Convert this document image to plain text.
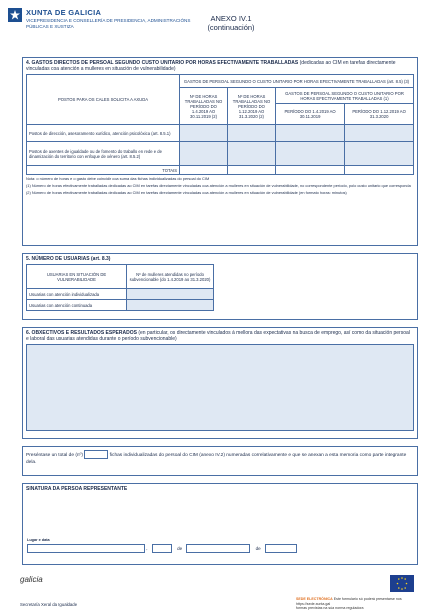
XUNTA DE GALICIA
VICEPRESIDENCIA E CONSELLERÍA DE PRESIDENCIA, ADMINISTRACIÓNS PÚBLICAS E XUSTIZA
ANEXO IV.1
(continuación)
4. GASTOS DIRECTOS DE PERSOAL SEGUNDO CUSTO UNITARIO POR HORAS EFECTIVAMENTE TRABALLADAS (dedicadas ao CIM en tarefas directamente vinculadas coa atención a mulleres en situación de vulnerabilidade)
POSTOS PARA OS CALES SOLICITA A AXUDA	GASTOS DE PERSOAL SEGUNDO O CUSTO UNITARIO POR HORAS EFECTIVAMENTE TRABALLADAS (art. 8.5) (3)			
	Nº DE HORAS TRABALLADAS NO PERÍODO DO 1.4.2019 AO 30.11.2019 (2)	Nº DE HORAS TRABALLADAS NO PERÍODO DO 1.12.2019 AO 31.3.2020 (2)	GASTOS DE PERSOAL SEGUNDO O CUSTO UNITARIO POR HORAS EFECTIVAMENTE TRABALLADAS (1)	
			PERÍODO DO 1.4.2019 AO 30.11.2019	PERÍODO DO 1.12.2019 AO 31.3.2020
Postos de dirección, asesoramento xurídico, atención psicolóxica (art. 8.5.1)				
Postos de axentes de igualdade ou de fomento do traballo en rede e de dinamización do territorio con enfoque de xénero (art. 8.5.2)				
TOTAIS				
Nota: o número de horas e o gasto debe coincidir coa suma das fichas individualizadas do persoal do CIM
(1) Número de horas efectivamente traballadas dedicadas ao CIM en tarefas directamente vinculadas coa atención a mulleres en situación de vulnerabilidade, no correspondente período, polo custo unitario que corresponda
(2) Número de horas efectivamente traballadas dedicadas ao CIM en tarefas directamente vinculadas coa atención a mulleres en situación de vulnerabilidade (en formato horas: minutos)
5. NÚMERO DE USUARIAS (art. 8.3)
USUARIAS EN SITUACIÓN DE VULNERABILIDADE	Nº de mulleres atendidas no período subvencionable (do 1.4.2019 ao 31.3.2020)
Usuarias con atención individualizada	
Usuarias con atención continuada	
6. OBXECTIVOS E RESULTADOS ESPERADOS (en particular, os directamente vinculados á mellora das expectativas na busca de emprego, así como da situación persoal e laboral das usuarias atendidas durante o período subvencionable)
Preséntase un total de (nº)	fichas individualizadas do persoal do CIM (anexo IV.2) numeradas correlativamente e que se anexan a esta memoria como parte integrante dela.
SINATURA DA PERSOA REPRESENTANTE
Lugar e data
,	de	de
galicia
Secretaría Xeral da Igualdade
SEDE ELECTRÓNICA Este formulario só poderá presentarse nos
https://sede.xunta.gal
formas previstas na súa norma reguladora
